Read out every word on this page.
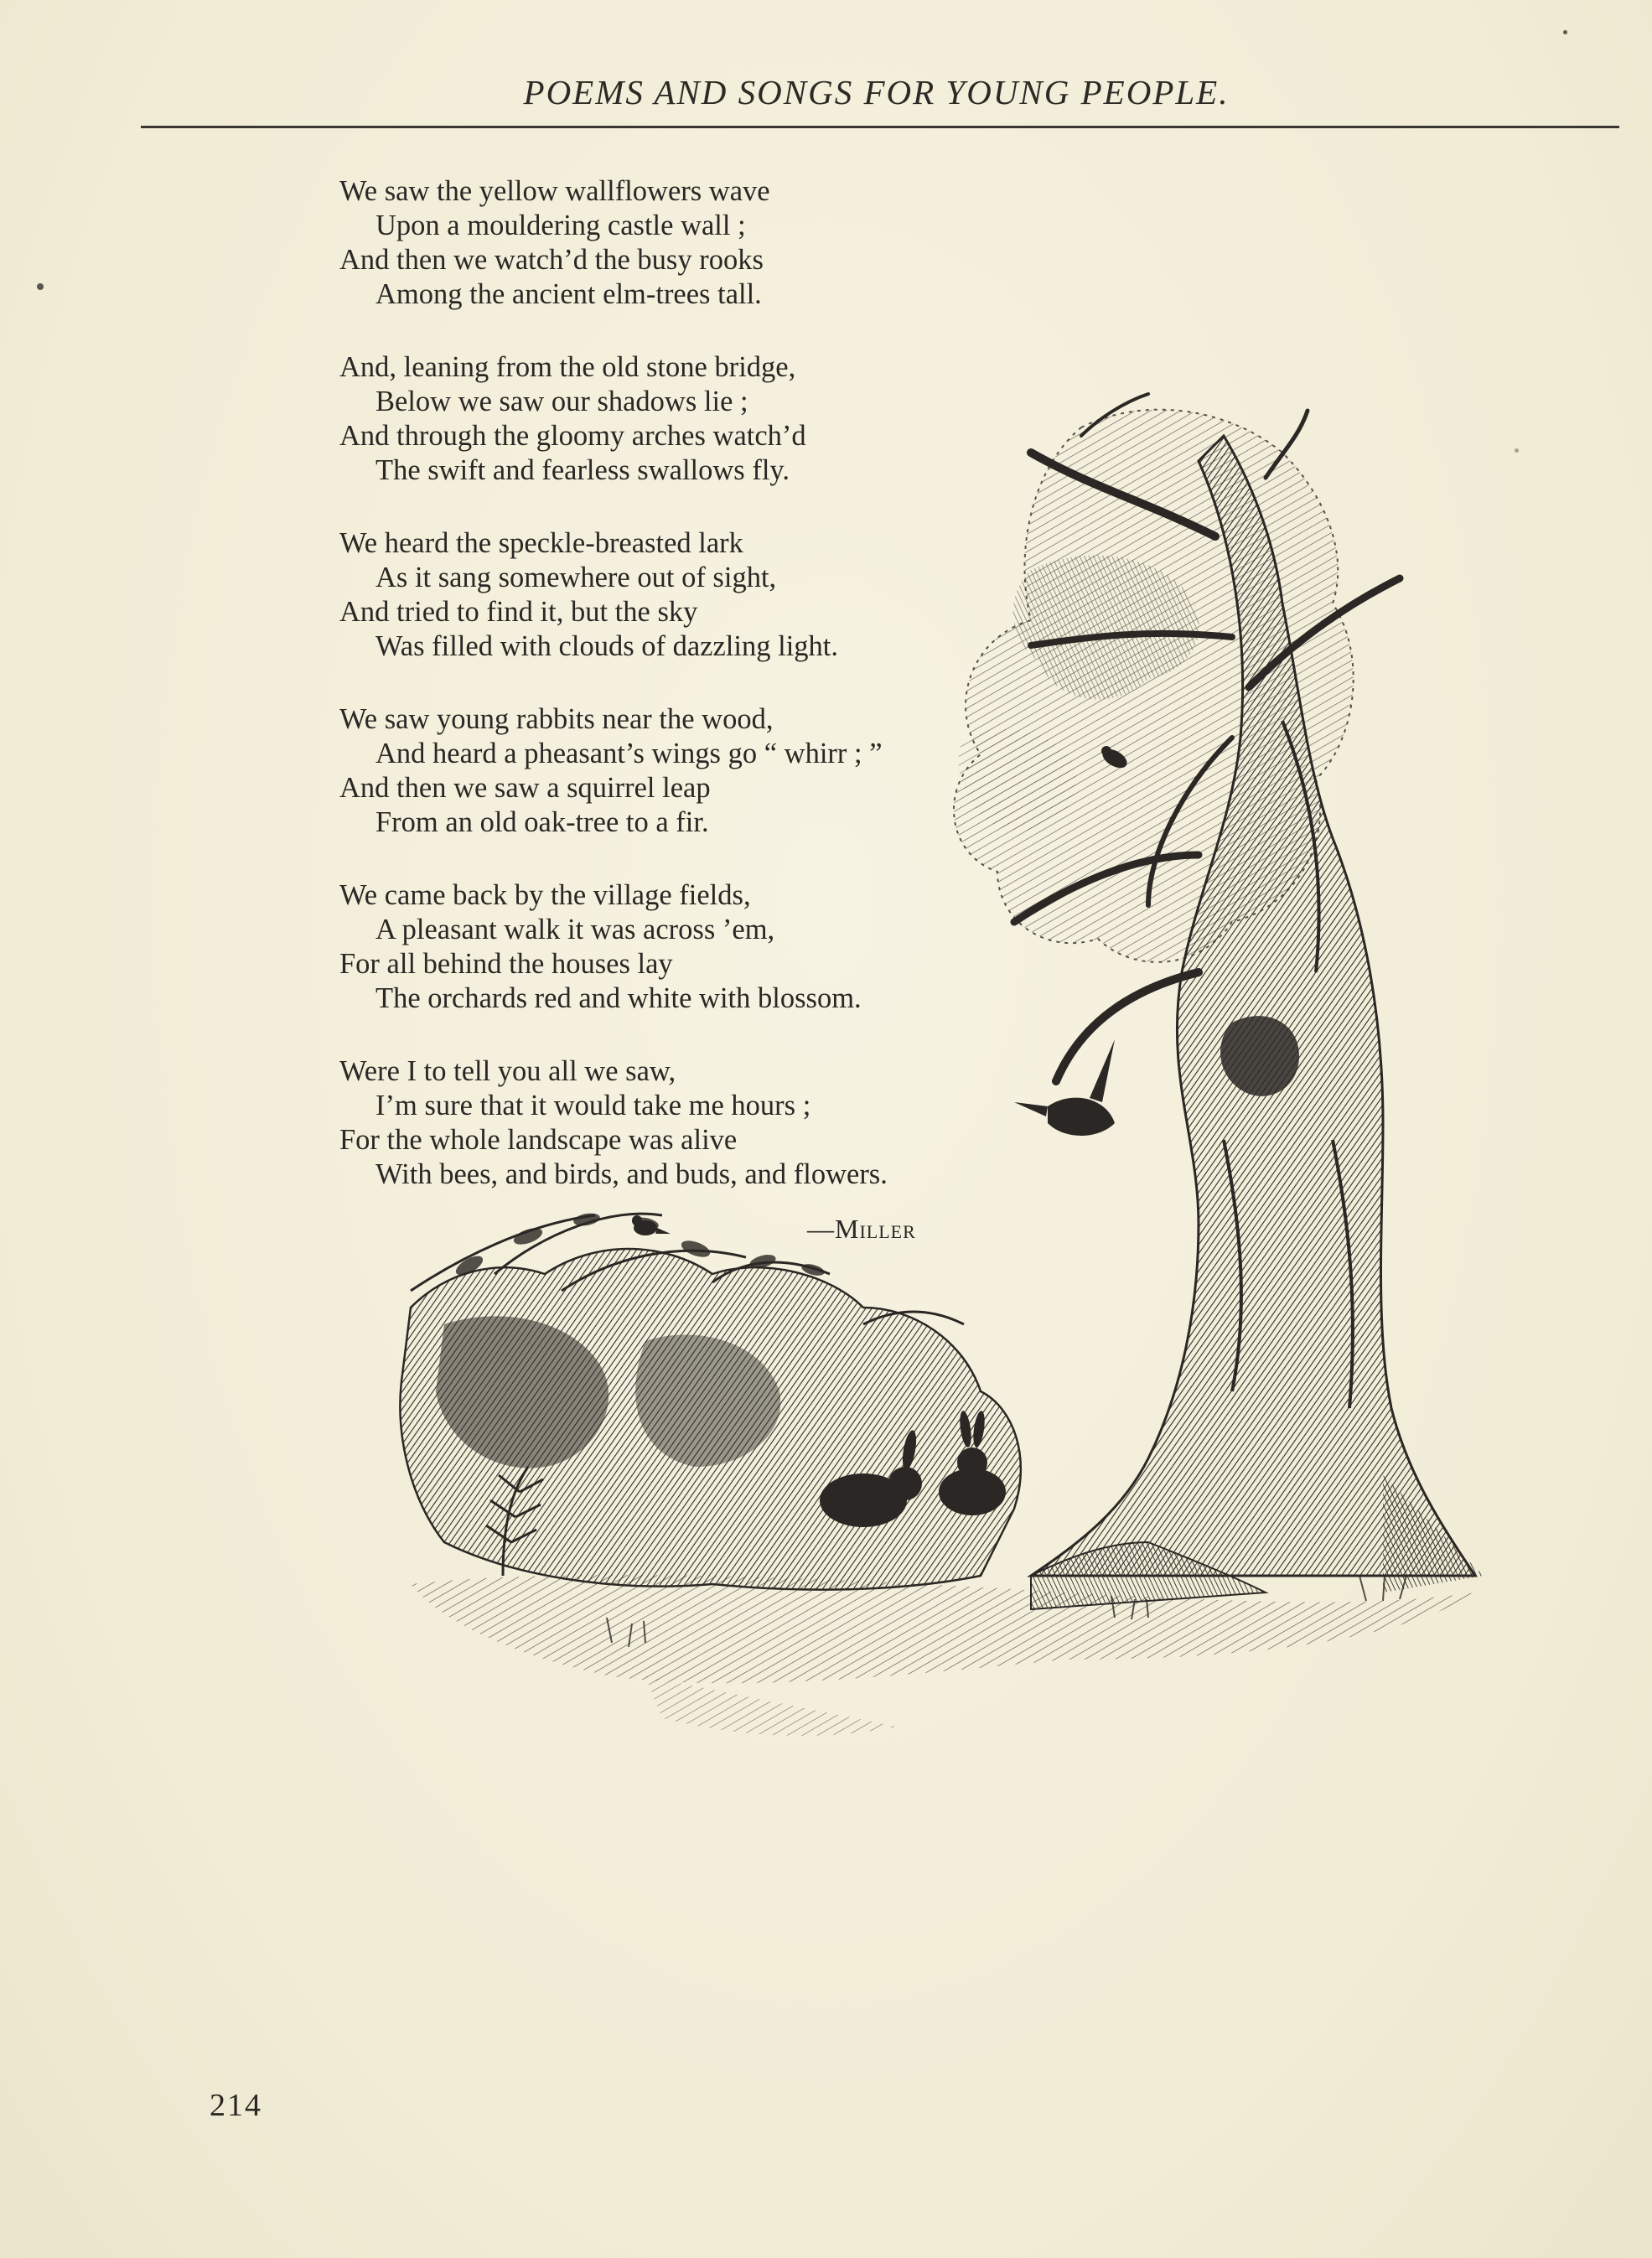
POEMS AND SONGS FOR YOUNG PEOPLE.
We saw the yellow wallflowers wave
Upon a mouldering castle wall ;
And then we watch’d the busy rooks
Among the ancient elm-trees tall.
And, leaning from the old stone bridge,
Below we saw our shadows lie ;
And through the gloomy arches watch’d
The swift and fearless swallows fly.
We heard the speckle-breasted lark
As it sang somewhere out of sight,
And tried to find it, but the sky
Was filled with clouds of dazzling light.
We saw young rabbits near the wood,
And heard a pheasant’s wings go “ whirr ; ”
And then we saw a squirrel leap
From an old oak-tree to a fir.
We came back by the village fields,
A pleasant walk it was across ’em,
For all behind the houses lay
The orchards red and white with blossom.
Were I to tell you all we saw,
I’m sure that it would take me hours ;
For the whole landscape was alive
With bees, and birds, and buds, and flowers.
—Miller
214
